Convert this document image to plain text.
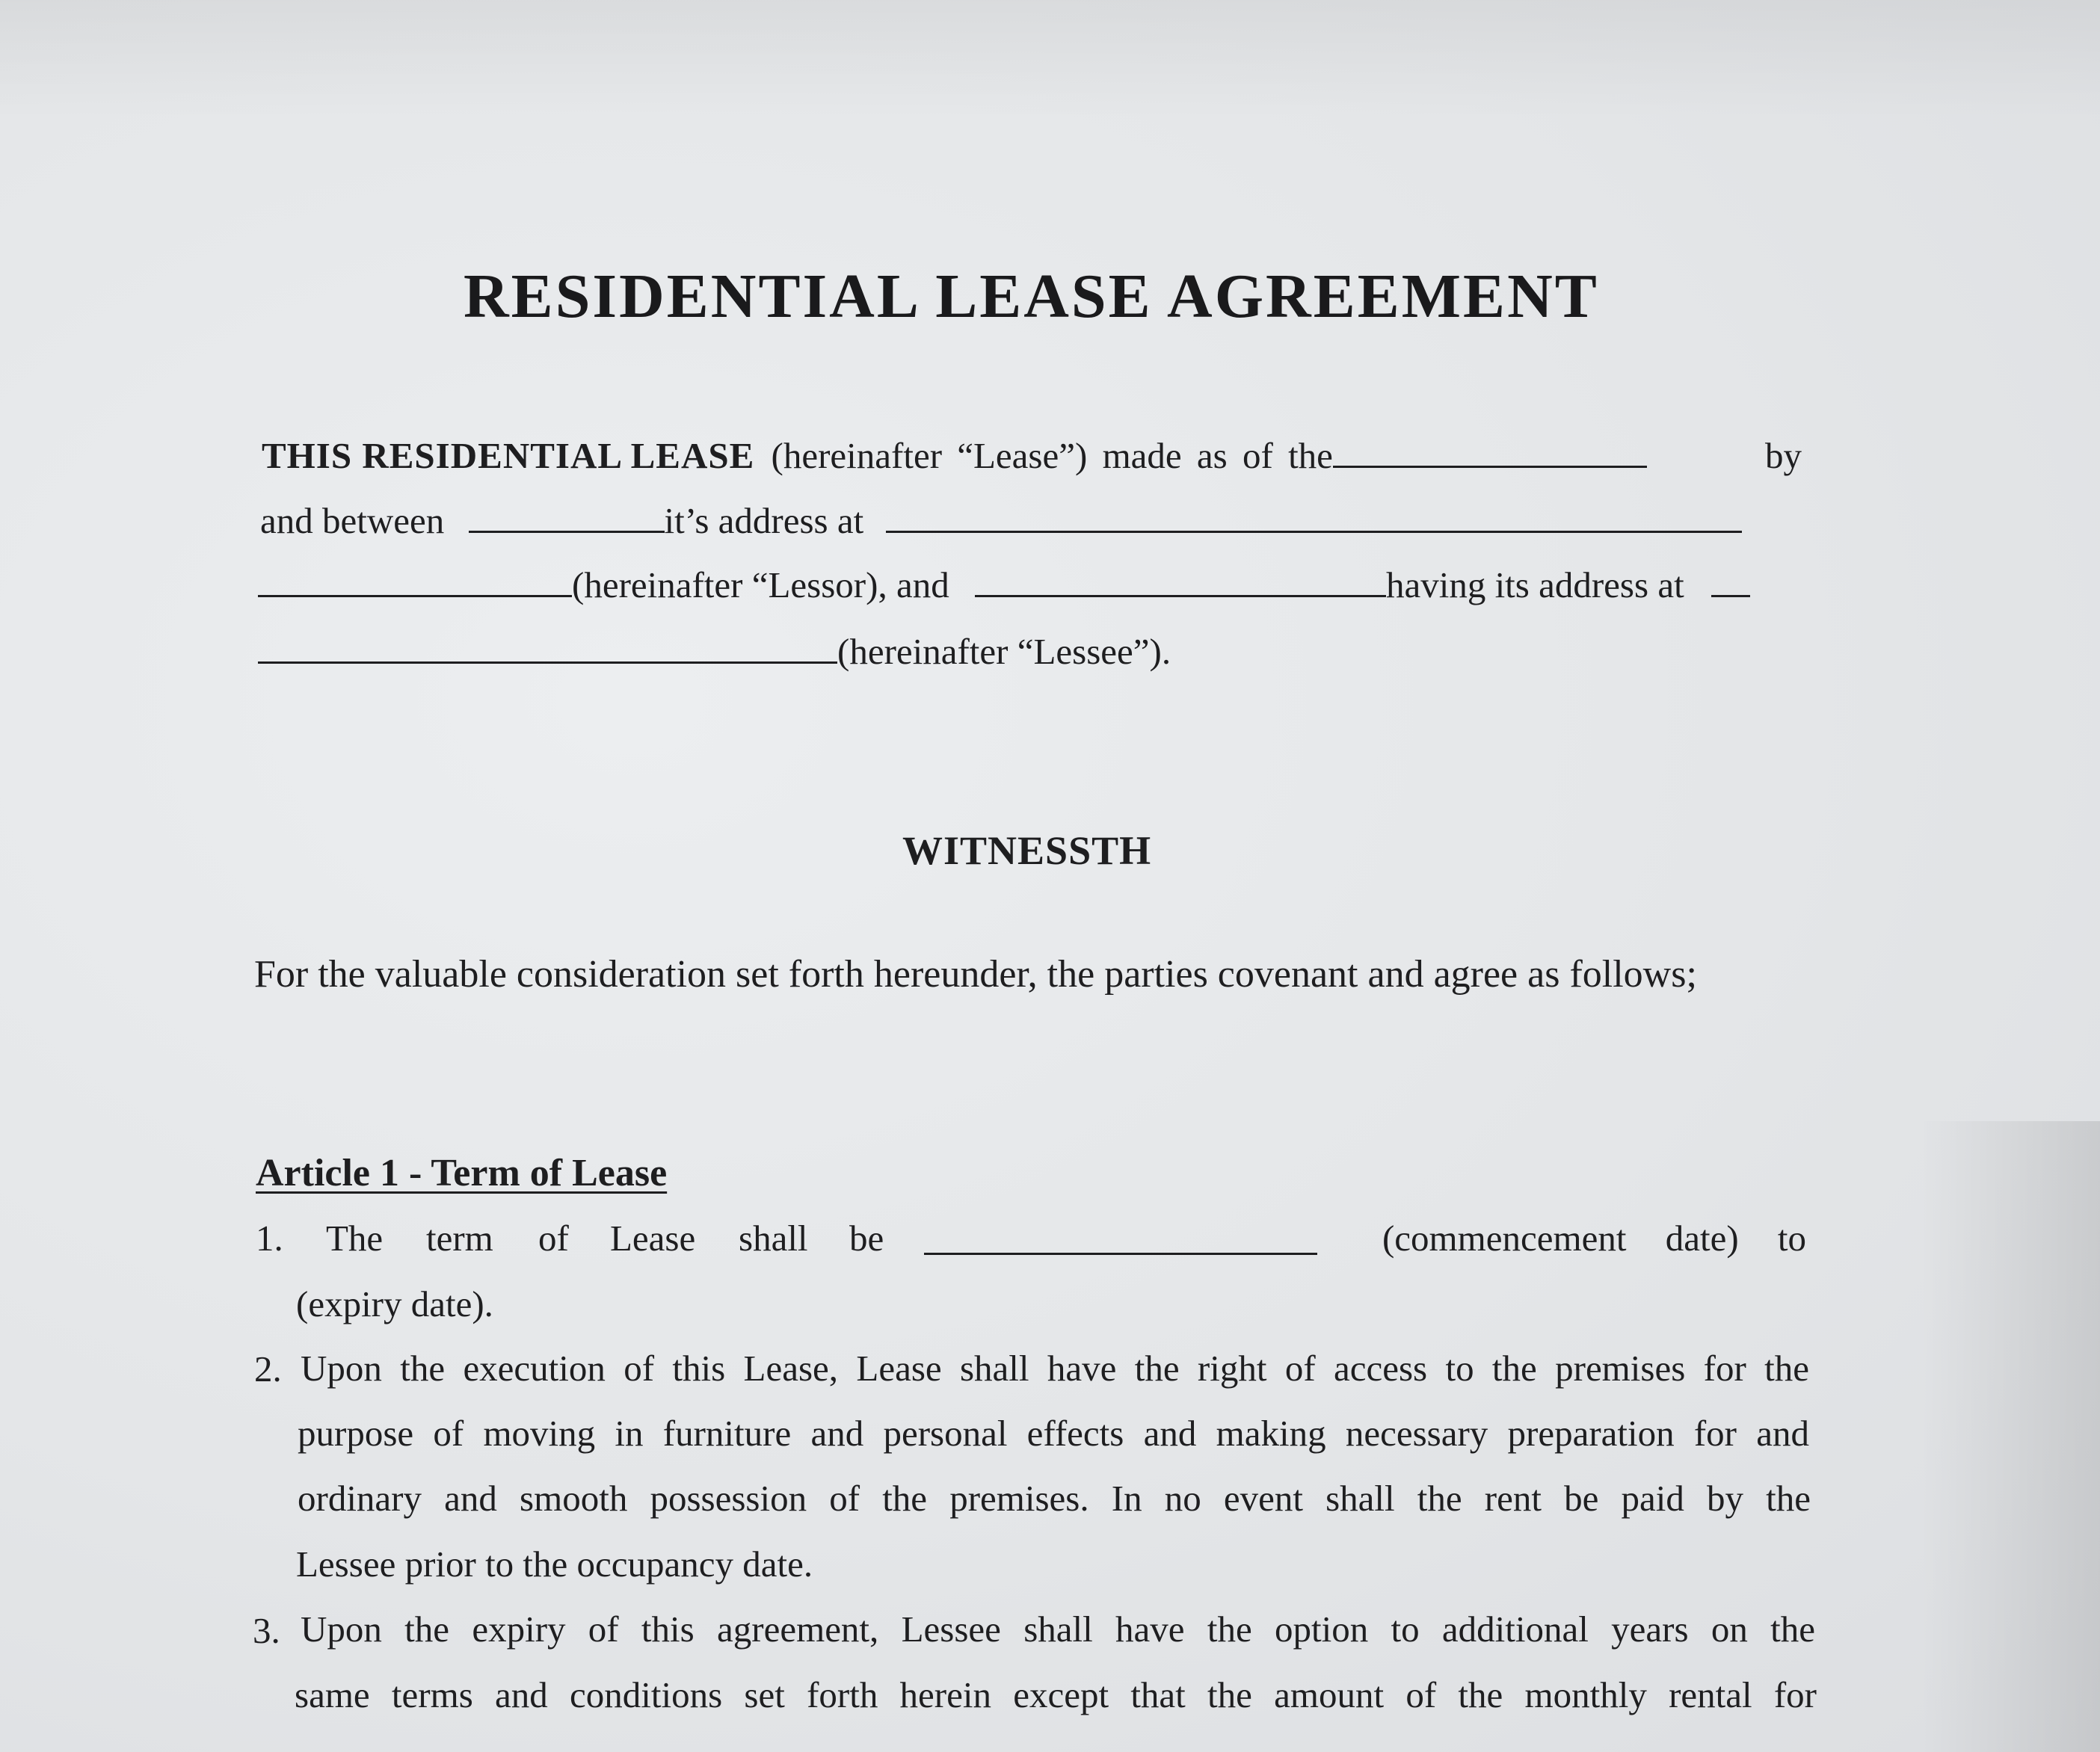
RESIDENTIAL LEASE AGREEMENT
THIS RESIDENTIAL LEASE (hereinafter “Lease”) made as of the	by
and between	it’s address at
(hereinafter “Lessor), and	having its address at
(hereinafter “Lessee”).
WITNESSTH
For the valuable consideration set forth hereunder, the parties covenant and agree as follows;
Article 1 - Term of Lease
1. The term of Lease shall be	(commencement date) to
(expiry date).
2. Upon the execution of this Lease, Lease shall have the right of access to the premises for the
purpose of moving in furniture and personal effects and making necessary preparation for and
ordinary and smooth possession of the premises. In no event shall the rent be paid by the
Lessee prior to the occupancy date.
3. Upon the expiry of this agreement, Lessee shall have the option to additional years on the
same terms and conditions set forth herein except that the amount of the monthly rental for
